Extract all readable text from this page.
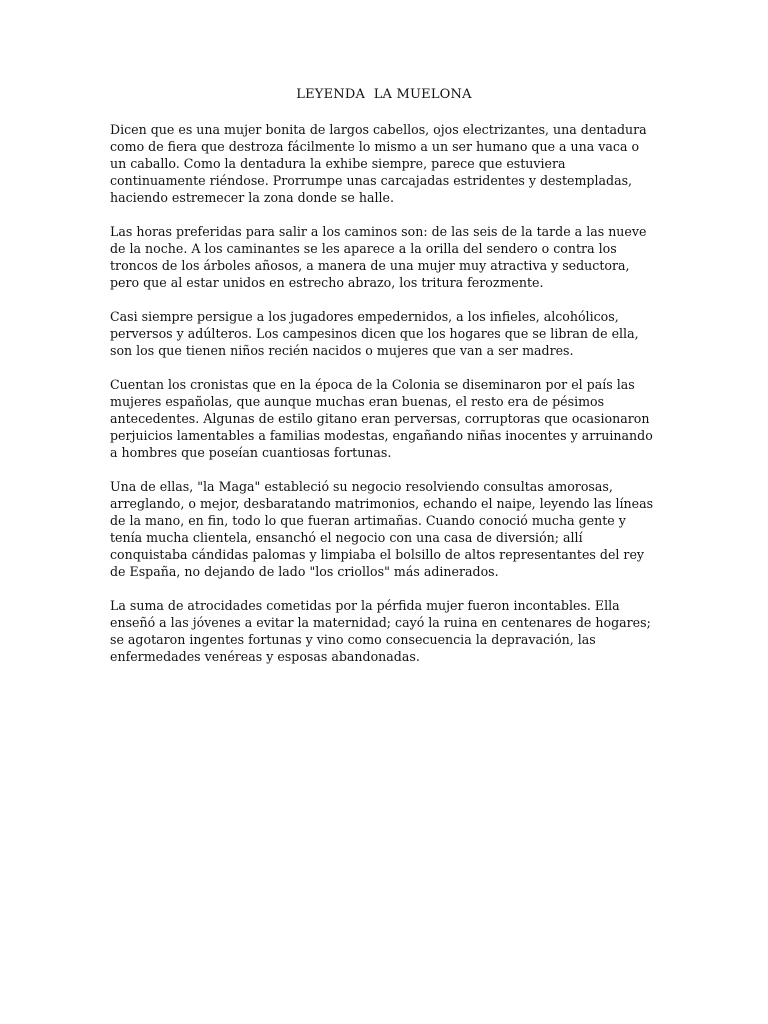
LEYENDA  LA MUELONA

Dicen que es una mujer bonita de largos cabellos, ojos electrizantes, una dentadura como de fiera que destroza fácilmente lo mismo a un ser humano que a una vaca o un caballo. Como la dentadura la exhibe siempre, parece que estuviera continuamente riéndose. Prorrumpe unas carcajadas estridentes y destempladas, haciendo estremecer la zona donde se halle.

Las horas preferidas para salir a los caminos son: de las seis de la tarde a las nueve de la noche. A los caminantes se les aparece a la orilla del sendero o contra los troncos de los árboles añosos, a manera de una mujer muy atractiva y seductora, pero que al estar unidos en estrecho abrazo, los tritura ferozmente.

Casi siempre persigue a los jugadores empedernidos, a los infieles, alcohólicos, perversos y adúlteros. Los campesinos dicen que los hogares que se libran de ella, son los que tienen niños recién nacidos o mujeres que van a ser madres.

Cuentan los cronistas que en la época de la Colonia se diseminaron por el país las mujeres españolas, que aunque muchas eran buenas, el resto era de pésimos antecedentes. Algunas de estilo gitano eran perversas, corruptoras que ocasionaron perjuicios lamentables a familias modestas, engañando niñas inocentes y arruinando a hombres que poseían cuantiosas fortunas.

Una de ellas, "la Maga" estableció su negocio resolviendo consultas amorosas, arreglando, o mejor, desbaratando matrimonios, echando el naipe, leyendo las líneas de la mano, en fin, todo lo que fueran artimañas. Cuando conoció mucha gente y tenía mucha clientela, ensanchó el negocio con una casa de diversión; allí conquistaba cándidas palomas y limpiaba el bolsillo de altos representantes del rey de España, no dejando de lado "los criollos" más adinerados.

La suma de atrocidades cometidas por la pérfida mujer fueron incontables. Ella enseñó a las jóvenes a evitar la maternidad; cayó la ruina en centenares de hogares; se agotaron ingentes fortunas y vino como consecuencia la depravación, las enfermedades venéreas y esposas abandonadas.
